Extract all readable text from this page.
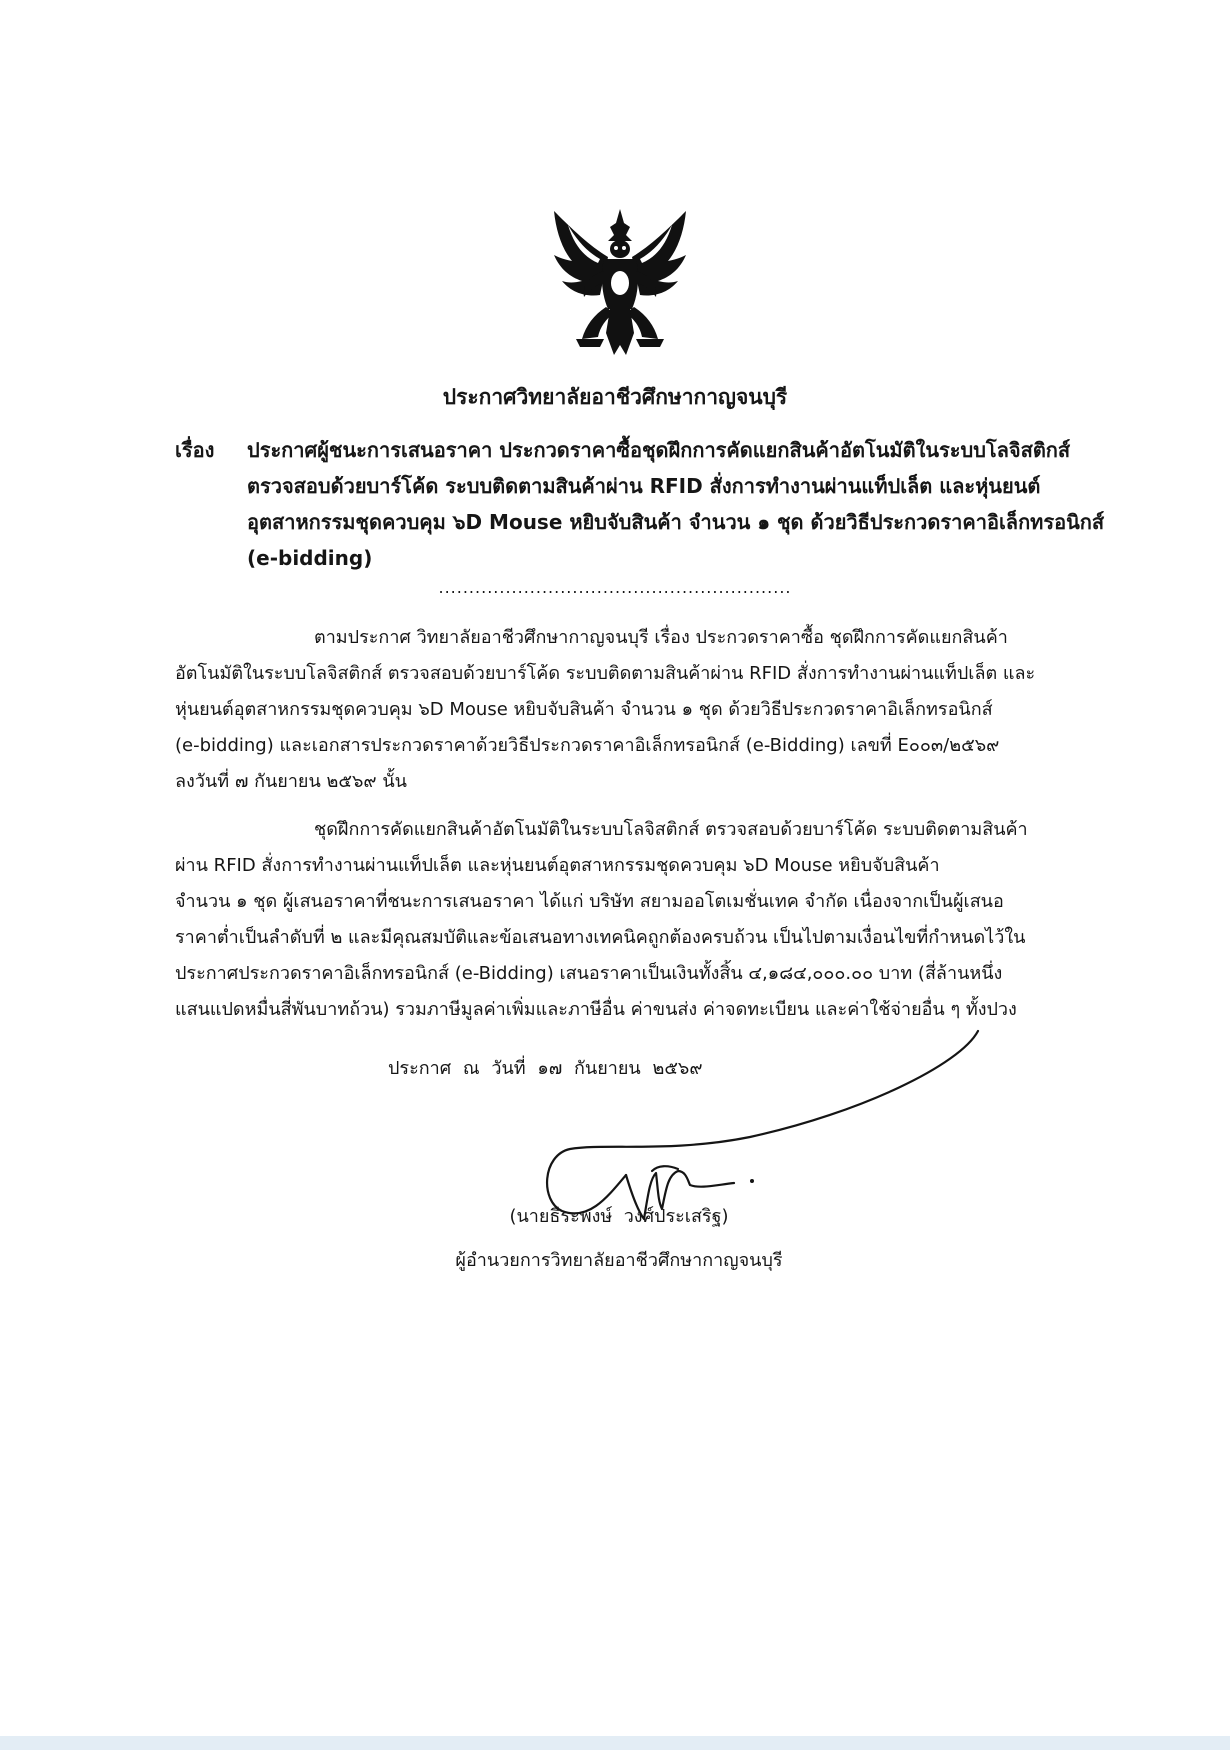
ประกาศวิทยาลัยอาชีวศึกษากาญจนบุรี
เรื่อง ประกาศผู้ชนะการเสนอราคา ประกวดราคาซื้อชุดฝึกการคัดแยกสินค้าอัตโนมัติในระบบโลจิสติกส์

ตรวจสอบด้วยบาร์โค้ด ระบบติดตามสินค้าผ่าน RFID สั่งการทำงานผ่านแท็ปเล็ต และหุ่นยนต์

อุตสาหกรรมชุดควบคุม ๖D Mouse หยิบจับสินค้า จำนวน ๑ ชุด ด้วยวิธีประกวดราคาอิเล็กทรอนิกส์

(e-bidding)

..........................................................

ตามประกาศ วิทยาลัยอาชีวศึกษากาญจนบุรี เรื่อง ประกวดราคาซื้อ ชุดฝึกการคัดแยกสินค้า

อัตโนมัติในระบบโลจิสติกส์ ตรวจสอบด้วยบาร์โค้ด ระบบติดตามสินค้าผ่าน RFID สั่งการทำงานผ่านแท็ปเล็ต และ

หุ่นยนต์อุตสาหกรรมชุดควบคุม ๖D Mouse หยิบจับสินค้า จำนวน ๑ ชุด ด้วยวิธีประกวดราคาอิเล็กทรอนิกส์

(e-bidding) และเอกสารประกวดราคาด้วยวิธีประกวดราคาอิเล็กทรอนิกส์ (e-Bidding) เลขที่ E๐๐๓/๒๕๖๙

ลงวันที่ ๗ กันยายน ๒๕๖๙ นั้น

ชุดฝึกการคัดแยกสินค้าอัตโนมัติในระบบโลจิสติกส์ ตรวจสอบด้วยบาร์โค้ด ระบบติดตามสินค้า

ผ่าน RFID สั่งการทำงานผ่านแท็ปเล็ต และหุ่นยนต์อุตสาหกรรมชุดควบคุม ๖D Mouse หยิบจับสินค้า

จำนวน ๑ ชุด ผู้เสนอราคาที่ชนะการเสนอราคา ได้แก่ บริษัท สยามออโตเมชั่นเทค จำกัด เนื่องจากเป็นผู้เสนอ

ราคาต่ำเป็นลำดับที่ ๒ และมีคุณสมบัติและข้อเสนอทางเทคนิคถูกต้องครบถ้วน เป็นไปตามเงื่อนไขที่กำหนดไว้ใน

ประกาศประกวดราคาอิเล็กทรอนิกส์ (e-Bidding) เสนอราคาเป็นเงินทั้งสิ้น ๔,๑๘๔,๐๐๐.๐๐ บาท (สี่ล้านหนึ่ง

แสนแปดหมื่นสี่พันบาทถ้วน) รวมภาษีมูลค่าเพิ่มและภาษีอื่น ค่าขนส่ง ค่าจดทะเบียน และค่าใช้จ่ายอื่น ๆ ทั้งปวง

ประกาศ ณ วันที่ ๑๗ กันยายน ๒๕๖๙
(นายธีระพงษ์  วงศ์ประเสริฐ)
ผู้อำนวยการวิทยาลัยอาชีวศึกษากาญจนบุรี
